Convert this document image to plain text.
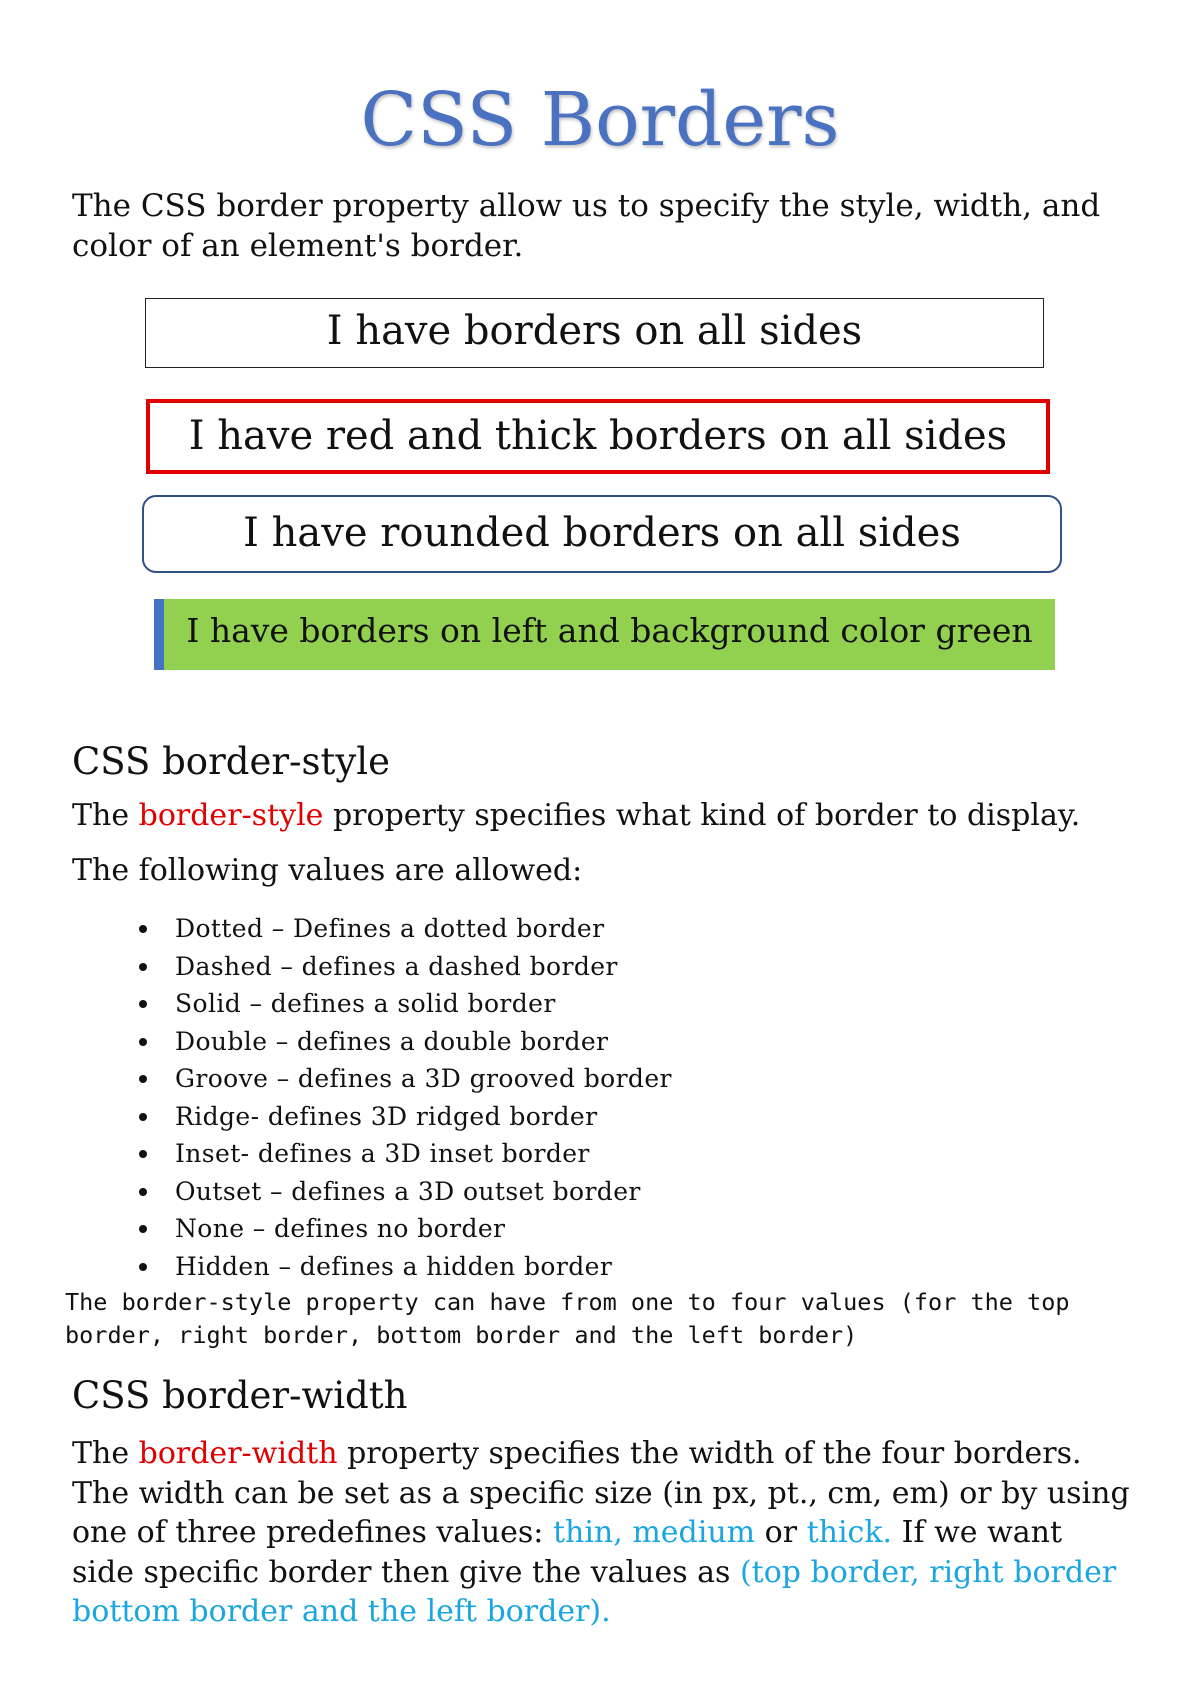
CSS Borders
The CSS border property allow us to specify the style, width, and color of an element's border.
I have borders on all sides
I have red and thick borders on all sides
I have rounded borders on all sides
I have borders on left and background color green
CSS border-style
The border-style property specifies what kind of border to display.
The following values are allowed:
Dotted – Defines a dotted border
Dashed – defines a dashed border
Solid – defines a solid border
Double – defines a double border
Groove – defines a 3D grooved border
Ridge- defines 3D ridged border
Inset- defines a 3D inset border
Outset – defines a 3D outset border
None – defines no border
Hidden – defines a hidden border
The border-style property can have from one to four values (for the top border, right border, bottom border and the left border)
CSS border-width
The border-width property specifies the width of the four borders. The width can be set as a specific size (in px, pt., cm, em) or by using one of three predefines values: thin, medium or thick. If we want side specific border then give the values as (top border, right border bottom border and the left border).
